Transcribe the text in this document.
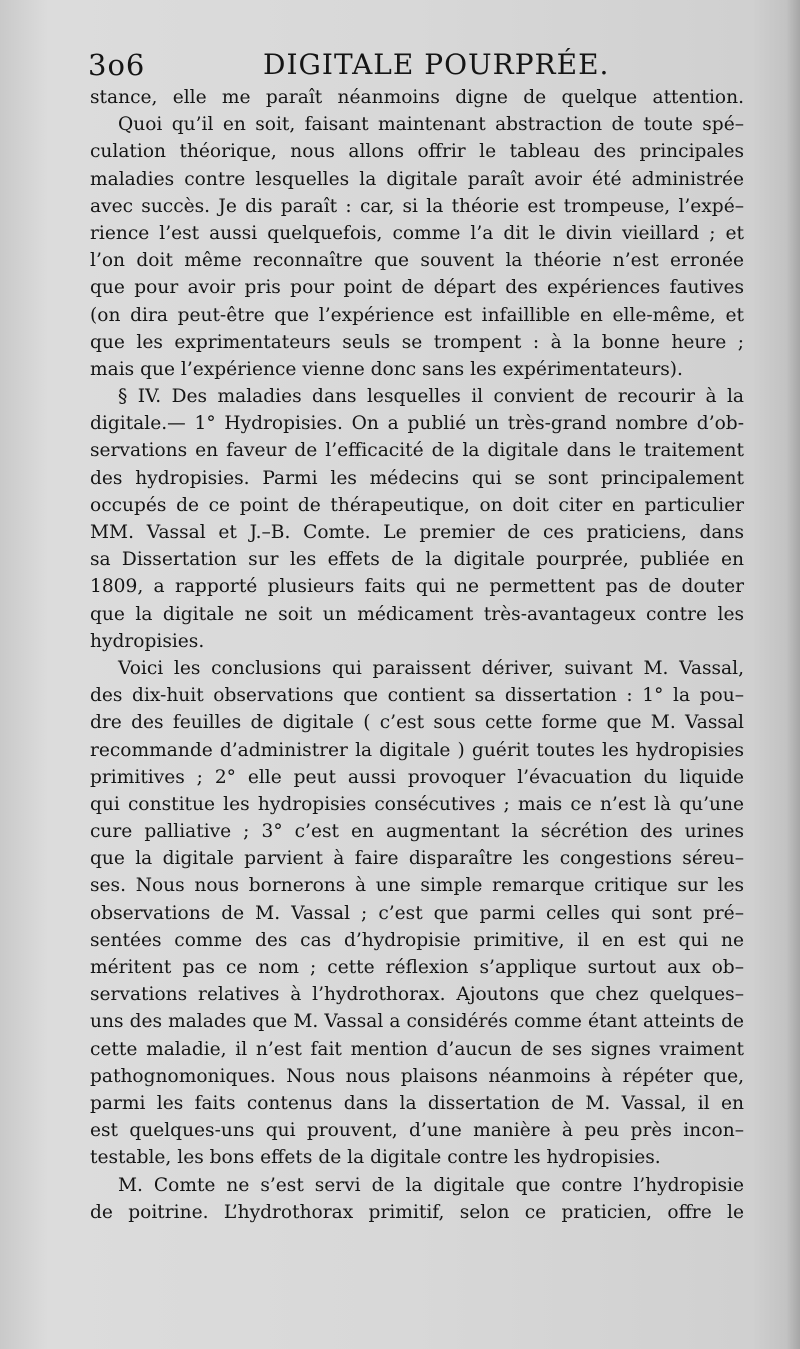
3o6	DIGITALE POURPRÉE.
stance, elle me paraît néanmoins digne de quelque attention.
Quoi qu’il en soit, faisant maintenant abstraction de toute spé–
culation théorique, nous allons offrir le tableau des principales
maladies contre lesquelles la digitale paraît avoir été administrée
avec succès. Je dis paraît : car, si la théorie est trompeuse, l’expé–
rience l’est aussi quelquefois, comme l’a dit le divin vieillard ; et
l’on doit même reconnaître que souvent la théorie n’est erronée
que pour avoir pris pour point de départ des expériences fautives
(on dira peut-être que l’expérience est infaillible en elle-même, et
que les exprimentateurs seuls se trompent : à la bonne heure ;
mais que l’expérience vienne donc sans les expérimentateurs).
§ IV. Des maladies dans lesquelles il convient de recourir à la
digitale.— 1° Hydropisies. On a publié un très-grand nombre d’ob-
servations en faveur de l’efficacité de la digitale dans le traitement
des hydropisies. Parmi les médecins qui se sont principalement
occupés de ce point de thérapeutique, on doit citer en particulier
MM. Vassal et J.–B. Comte. Le premier de ces praticiens, dans
sa Dissertation sur les effets de la digitale pourprée, publiée en
1809, a rapporté plusieurs faits qui ne permettent pas de douter
que la digitale ne soit un médicament très-avantageux contre les
hydropisies.
Voici les conclusions qui paraissent dériver, suivant M. Vassal,
des dix-huit observations que contient sa dissertation : 1° la pou–
dre des feuilles de digitale ( c’est sous cette forme que M. Vassal
recommande d’administrer la digitale ) guérit toutes les hydropisies
primitives ; 2° elle peut aussi provoquer l’évacuation du liquide
qui constitue les hydropisies consécutives ; mais ce n’est là qu’une
cure palliative ; 3° c’est en augmentant la sécrétion des urines
que la digitale parvient à faire disparaître les congestions séreu–
ses. Nous nous bornerons à une simple remarque critique sur les
observations de M. Vassal ; c’est que parmi celles qui sont pré–
sentées comme des cas d’hydropisie primitive, il en est qui ne
méritent pas ce nom ; cette réflexion s’applique surtout aux ob–
servations relatives à l’hydrothorax. Ajoutons que chez quelques–
uns des malades que M. Vassal a considérés comme étant atteints de
cette maladie, il n’est fait mention d’aucun de ses signes vraiment
pathognomoniques. Nous nous plaisons néanmoins à répéter que,
parmi les faits contenus dans la dissertation de M. Vassal, il en
est quelques-uns qui prouvent, d’une manière à peu près incon–
testable, les bons effets de la digitale contre les hydropisies.
M. Comte ne s’est servi de la digitale que contre l’hydropisie
de poitrine. L’hydrothorax primitif, selon ce praticien, offre le
